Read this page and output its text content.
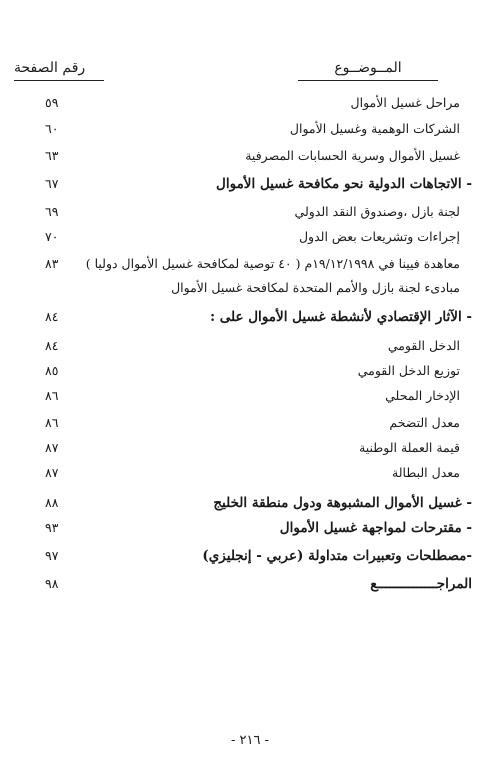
المــوضــوع
رقم الصفحة
مراحل غسيل الأموال
٥٩
الشركات الوهمية وغسيل الأموال
٦٠
غسيل الأموال وسرية الحسابات المصرفية
٦٣
- الاتجاهات الدولية نحو مكافحة غسيل الأموال
٦٧
لجنة بازل ،وصندوق النقد الدولي
٦٩
إجراءات وتشريعات بعض الدول
٧٠
معاهدة فيينا في ١٩/١٢/١٩٩٨م ( ٤٠ توصية لمكافحة غسيل الأموال دوليا )
٨٣
مبادىء لجنة بازل والأمم المتحدة لمكافحة غسيل الأموال
- الآثار الإقتصادي لأنشطة غسيل الأموال على :
٨٤
الدخل القومي
٨٤
توزيع الدخل القومي
٨٥
الإدخار المحلي
٨٦
معدل التضخم
٨٦
قيمة العملة الوطنية
٨٧
معدل البطالة
٨٧
- غسيل الأموال المشبوهة ودول منطقة الخليج
٨٨
- مقترحات لمواجهة غسيل الأموال
٩٣
-مصطلحات وتعبيرات متداولة (عربي - إنجليزي)
٩٧
المراجـــــــــــــــع
٩٨
- ٢١٦ -
